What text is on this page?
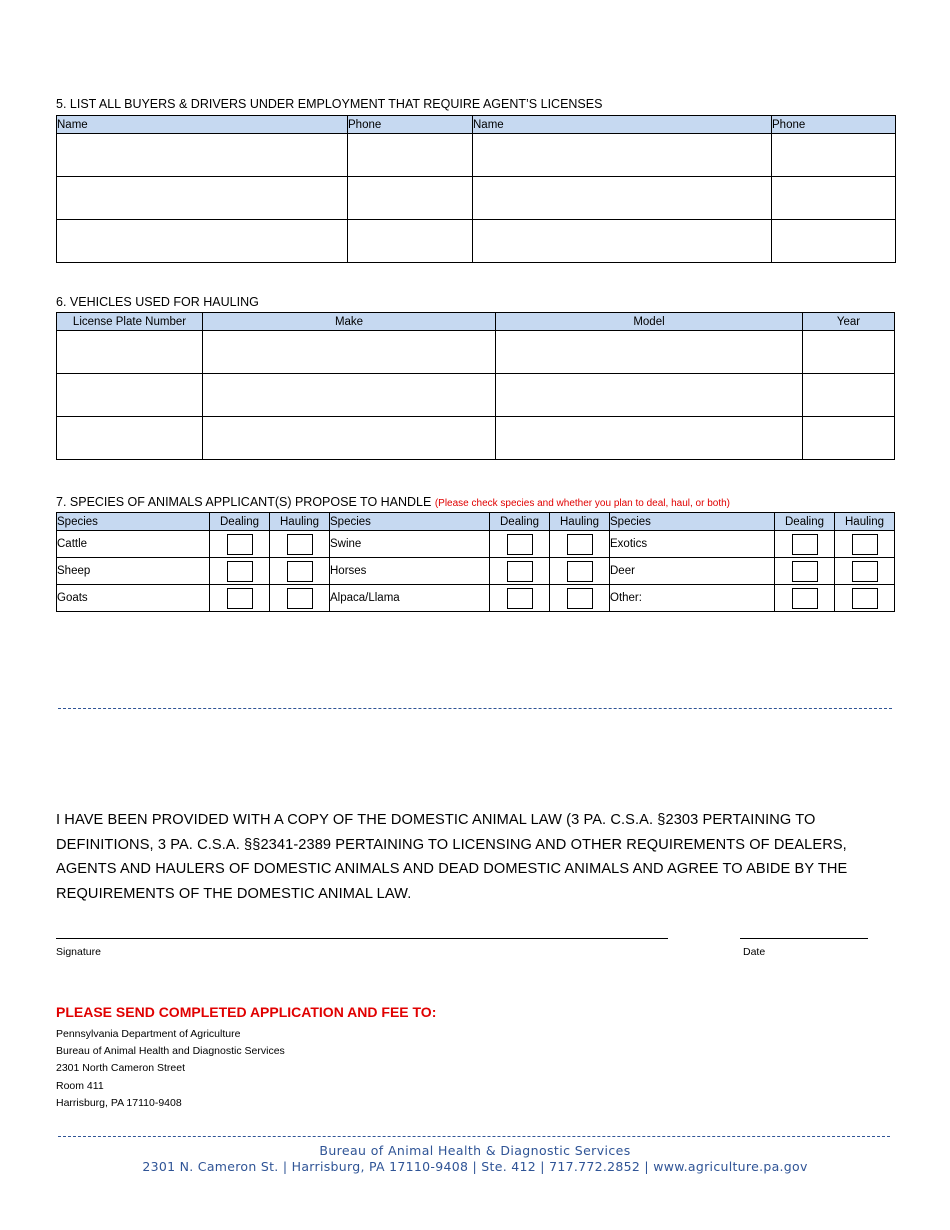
5. LIST ALL BUYERS & DRIVERS UNDER EMPLOYMENT THAT REQUIRE AGENT’S LICENSES
Name	Phone	Name	Phone

6. VEHICLES USED FOR HAULING
License Plate Number	Make	Model	Year

7. SPECIES OF ANIMALS APPLICANT(S) PROPOSE TO HANDLE (Please check species and whether you plan to deal, haul, or both)
Species	Dealing	Hauling	Species	Dealing	Hauling	Species	Dealing	Hauling
Cattle			Swine			Exotics		
Sheep			Horses			Deer		
Goats			Alpaca/Llama			Other:		
I HAVE BEEN PROVIDED WITH A COPY OF THE DOMESTIC ANIMAL LAW (3 PA. C.S.A. §2303 PERTAINING TO DEFINITIONS, 3 PA. C.S.A. §§2341-2389 PERTAINING TO LICENSING AND OTHER REQUIREMENTS OF DEALERS, AGENTS AND HAULERS OF DOMESTIC ANIMALS AND DEAD DOMESTIC ANIMALS AND AGREE TO ABIDE BY THE REQUIREMENTS OF THE DOMESTIC ANIMAL LAW.
Signature	Date
PLEASE SEND COMPLETED APPLICATION AND FEE TO:
Pennsylvania Department of Agriculture
Bureau of Animal Health and Diagnostic Services
2301 North Cameron Street
Room 411
Harrisburg, PA 17110-9408
Bureau of Animal Health & Diagnostic Services
2301 N. Cameron St. | Harrisburg, PA 17110-9408 | Ste. 412 | 717.772.2852 | www.agriculture.pa.gov
